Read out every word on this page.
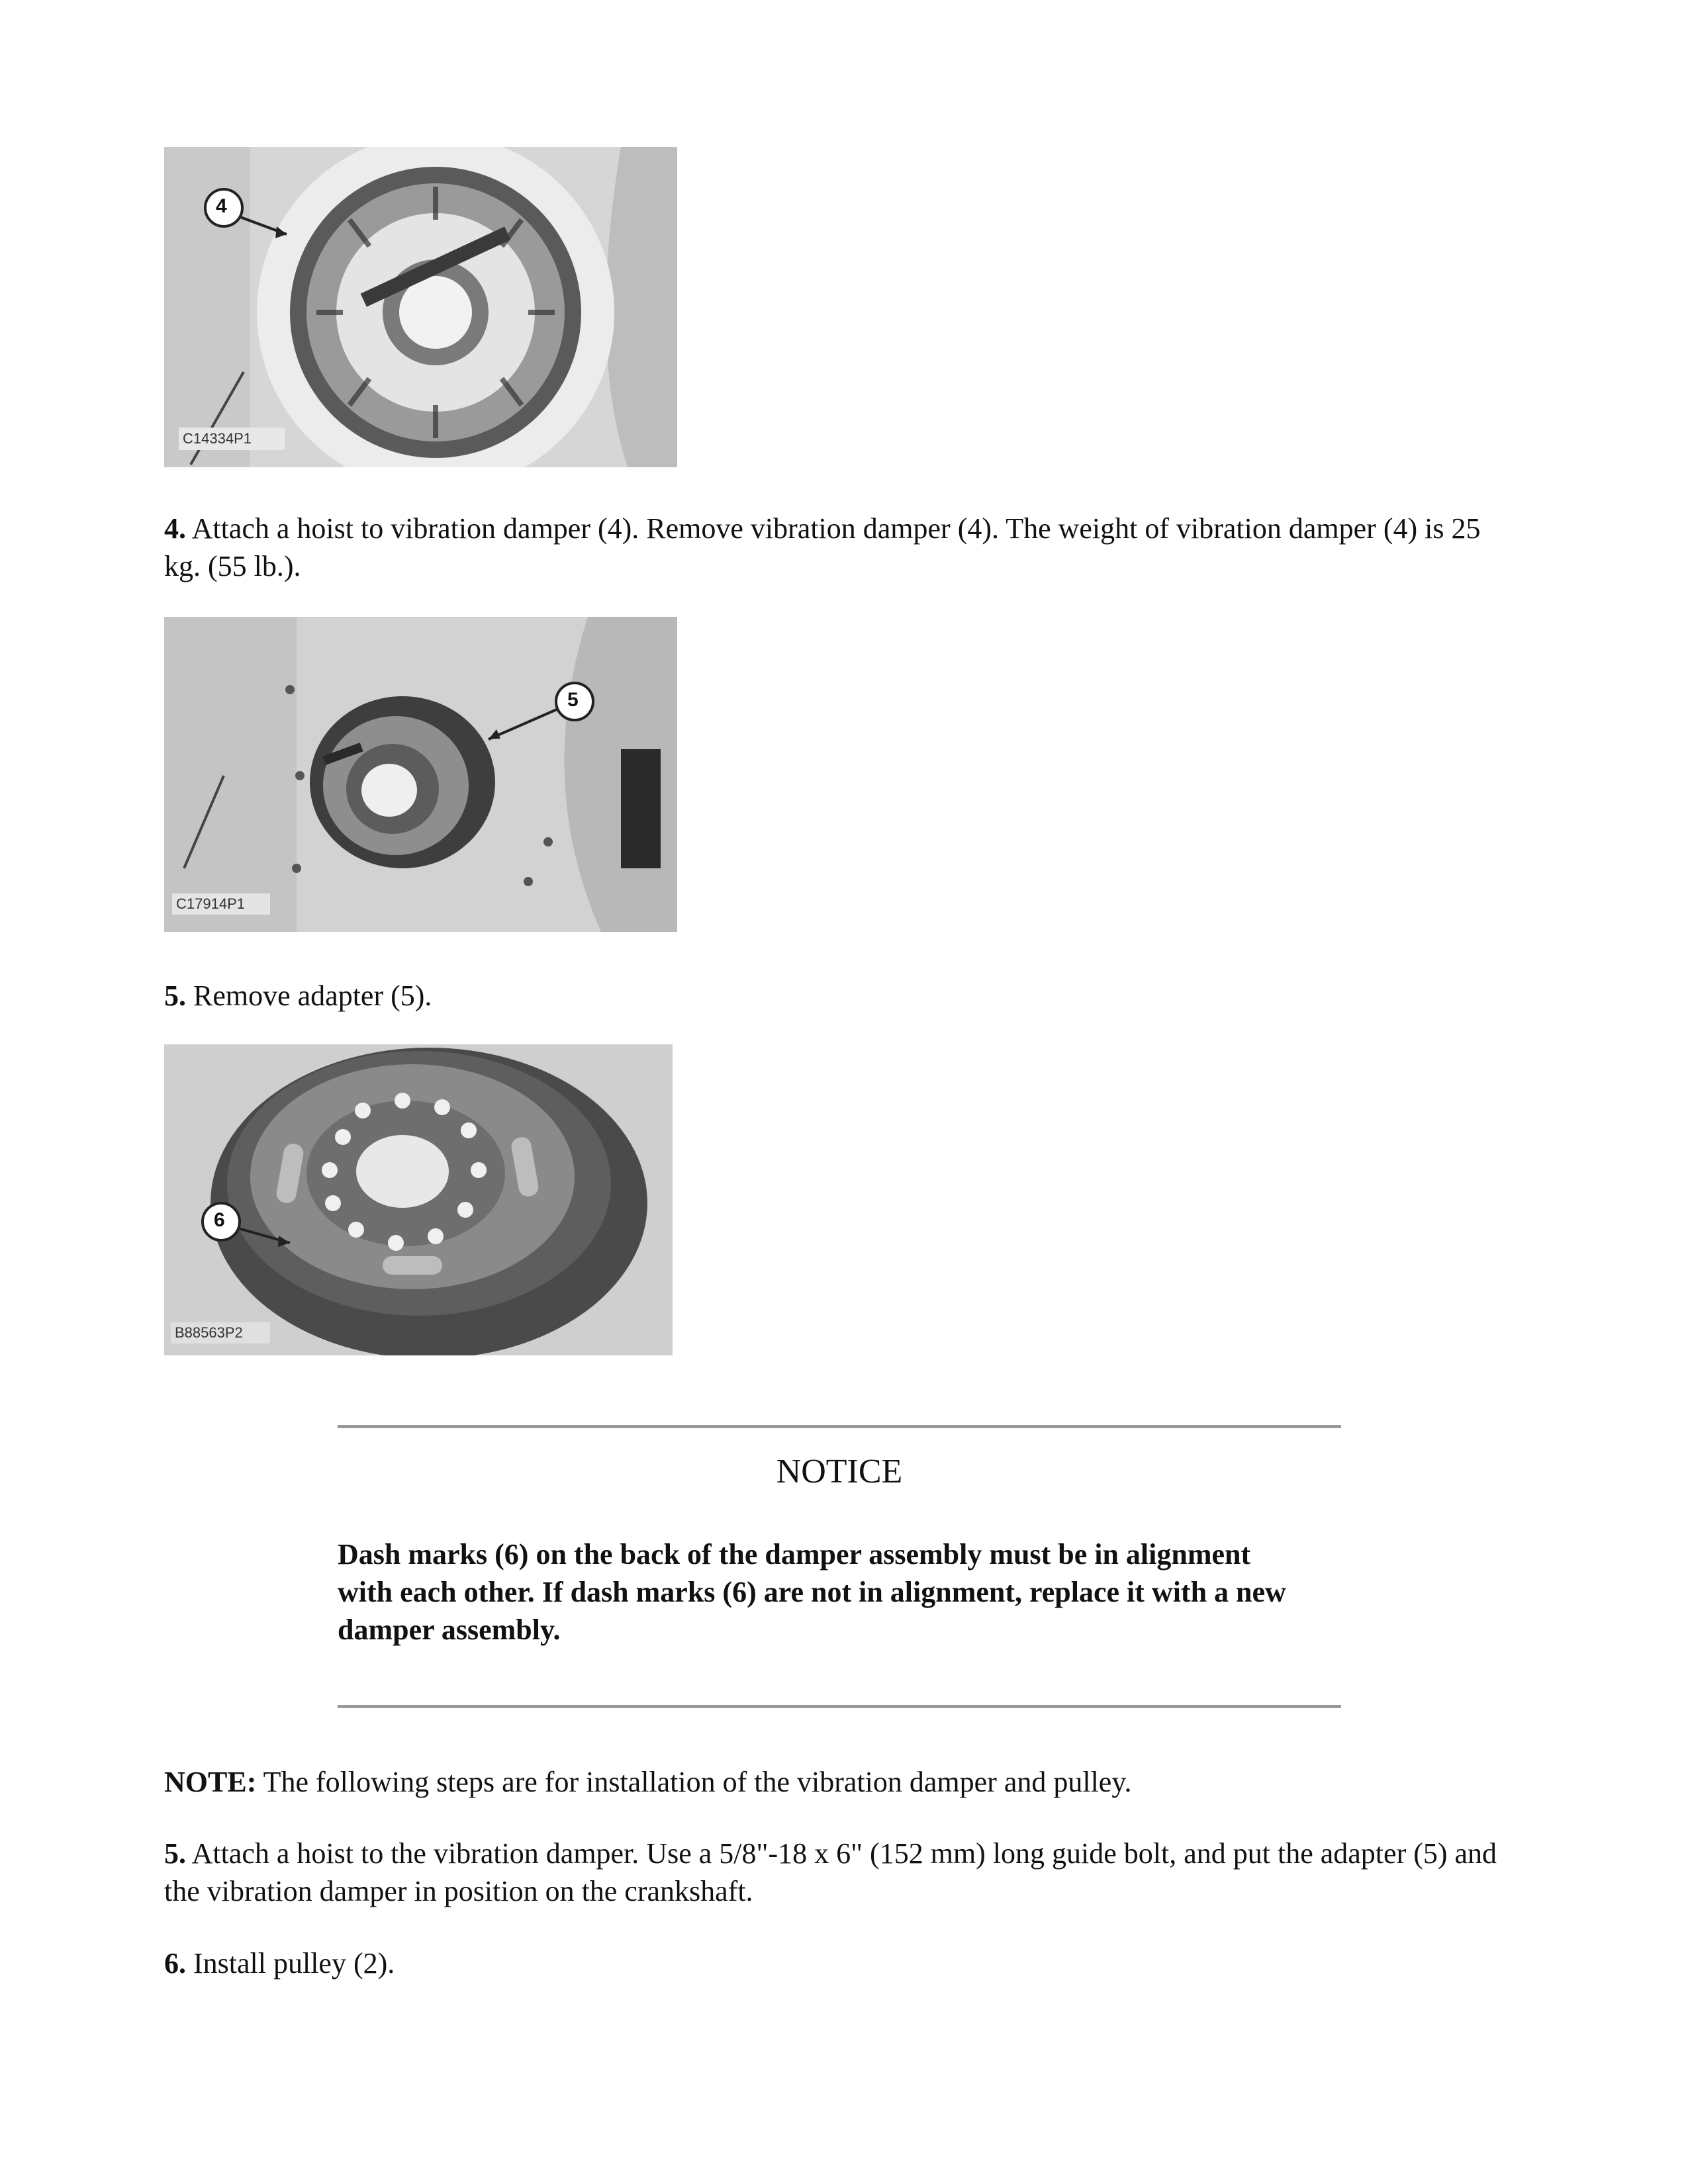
4
C14334P1

4. Attach a hoist to vibration damper (4). Remove vibration damper (4). The weight of vibration damper (4) is 25 kg. (55 lb.).

5
C17914P1

5. Remove adapter (5).

6
B88563P2
NOTICE

Dash marks (6) on the back of the damper assembly must be in alignment with each other. If dash marks (6) are not in alignment, replace it with a new damper assembly.

NOTE: The following steps are for installation of the vibration damper and pulley.

5. Attach a hoist to the vibration damper. Use a 5/8"-18 x 6" (152 mm) long guide bolt, and put the adapter (5) and the vibration damper in position on the crankshaft.

6. Install pulley (2).
